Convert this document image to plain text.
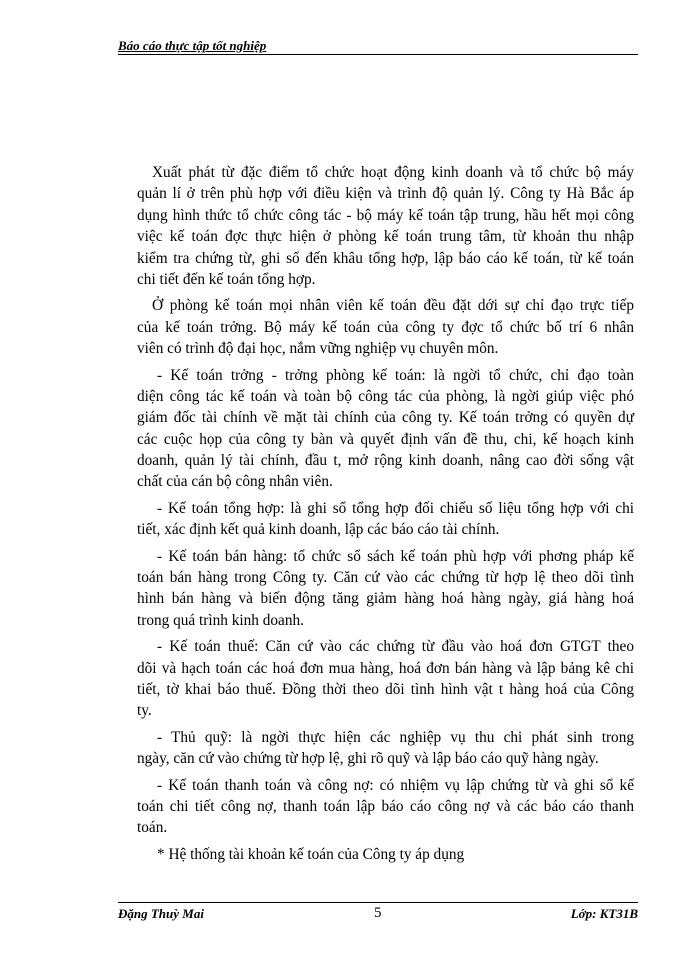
Báo cáo thực tập tốt nghiệp
Xuất phát từ đặc điểm tổ chức hoạt động kinh doanh và tổ chức bộ máy
quản lí ở trên phù hợp với điều kiện và trình độ quản lý. Công ty Hà Bắc áp
dụng hình thức tổ chức công tác - bộ máy kế toán tập trung, hầu hết mọi công
việc kế toán đợc thực hiện ở phòng kế toán trung tâm, từ khoản thu nhập
kiểm tra chứng từ, ghi sổ đến khâu tổng hợp, lập báo cáo kế toán, từ kế toán
chi tiết đến kế toán tổng hợp.
Ở phòng kế toán mọi nhân viên kế toán đều đặt dới sự chỉ đạo trực tiếp
của kế toán trởng. Bộ máy kế toán của công ty đợc tổ chức bố trí 6 nhân
viên có trình độ đại học, nắm vững nghiệp vụ chuyên môn.
- Kế toán trởng - trởng phòng kế toán: là ngời tổ chức, chỉ đạo toàn
diện công tác kế toán và toàn bộ công tác của phòng, là ngời giúp việc phó
giám đốc tài chính về mặt tài chính của công ty. Kế toán trởng có quyền dự
các cuộc họp của công ty bàn và quyết định vấn đề thu, chi, kế hoạch kinh
doanh, quản lý tài chính, đầu t, mở rộng kinh doanh, nâng cao đời sống vật
chất của cán bộ công nhân viên.
- Kế toán tổng hợp: là ghi sổ tổng hợp đối chiếu số liệu tổng hợp với chi
tiết, xác định kết quả kinh doanh, lập các báo cáo tài chính.
- Kế toán bán hàng: tổ chức sổ sách kế toán phù hợp với phơng pháp kế
toán bán hàng trong Công ty. Căn cứ vào các chứng từ hợp lệ theo dõi tình
hình bán hàng và biến động tăng giảm hàng hoá hàng ngày, giá hàng hoá
trong quá trình kinh doanh.
- Kế toán thuế: Căn cứ vào các chứng từ đầu vào hoá đơn GTGT theo
dõi và hạch toán các hoá đơn mua hàng, hoá đơn bán hàng và lập bảng kê chi
tiết, tờ khai báo thuế. Đồng thời theo dõi tình hình vật t hàng hoá của Công
ty.
- Thủ quỹ: là ngời thực hiện các nghiệp vụ thu chi phát sinh trong
ngày, căn cứ vào chứng từ hợp lệ, ghi rõ quỹ và lập báo cáo quỹ hàng ngày.
- Kế toán thanh toán và công nợ: có nhiệm vụ lập chứng từ và ghi sổ kế
toán chi tiết công nợ, thanh toán lập báo cáo công nợ và các báo cáo thanh
toán.
* Hệ thống tài khoản kế toán của Công ty áp dụng
Đặng Thuỳ Mai	5	Lớp: KT31B
